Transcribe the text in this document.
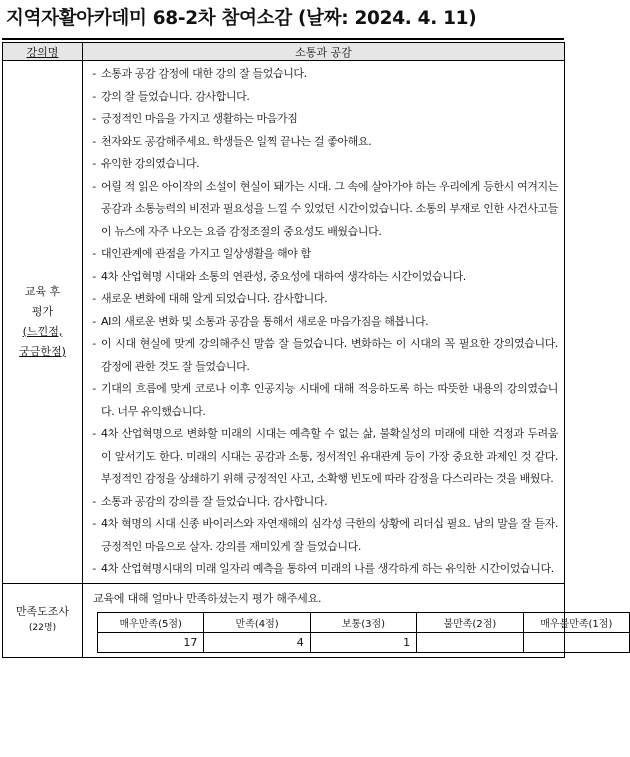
지역자활아카데미 68-2차 참여소감 (날짜: 2024. 4. 11)
강의명	소통과 공감

교육 후
평가
(느낀점,
궁금한점)

- 소통과 공감 감정에 대한 강의 잘 들었습니다.
- 강의 잘 들었습니다. 감사합니다.
- 긍정적인 마음을 가지고 생활하는 마음가짐
- 천자와도 공감해주세요. 학생들은 일찍 끝나는 걸 좋아해요.
- 유익한 강의였습니다.
- 어릴 적 읽은 아이작의 소설이 현실이 돼가는 시대. 그 속에 살아가야 하는 우리에게 등한시 여겨지는 공감과 소통능력의 비전과 필요성을 느낄 수 있었던 시간이었습니다. 소통의 부재로 인한 사건사고들이 뉴스에 자주 나오는 요즘 감정조절의 중요성도 배웠습니다.
- 대인관계에 관점을 가지고 일상생활을 해야 함
- 4차 산업혁명 시대와 소통의 연관성, 중요성에 대하여 생각하는 시간이었습니다.
- 새로운 변화에 대해 알게 되었습니다. 감사합니다.
- AI의 새로운 변화 및 소통과 공감을 통해서 새로운 마음가짐을 해봅니다.
- 이 시대 현실에 맞게 강의해주신 말씀 잘 들었습니다. 변화하는 이 시대의 꼭 필요한 강의였습니다. 감정에 관한 것도 잘 들었습니다.
- 기대의 흐름에 맞게 코로나 이후 인공지능 시대에 대해 적응하도록 하는 따뜻한 내용의 강의였습니다. 너무 유익했습니다.
- 4차 산업혁명으로 변화할 미래의 시대는 예측할 수 없는 삶, 불확실성의 미래에 대한 걱정과 두려움이 앞서기도 한다. 미래의 시대는 공감과 소통, 정서적인 유대관계 등이 가장 중요한 과제인 것 같다. 부정적인 감정을 상쇄하기 위해 긍정적인 사고, 소확행 빈도에 따라 감정을 다스리라는 것을 배웠다.
- 소통과 공감의 강의를 잘 들었습니다. 감사합니다.
- 4차 혁명의 시대 신종 바이러스와 자연재해의 심각성 극한의 상황에 리더십 필요. 남의 말을 잘 듣자. 긍정적인 마음으로 살자. 강의를 재미있게 잘 들었습니다.
- 4차 산업혁명시대의 미래 일자리 예측을 통하여 미래의 나를 생각하게 하는 유익한 시간이었습니다.

만족도조사
(22명)

교육에 대해 얼마나 만족하셨는지 평가 해주세요.
매우만족(5점)	만족(4점)	보통(3점)	불만족(2점)	매우불만족(1점)
17	4	1		
